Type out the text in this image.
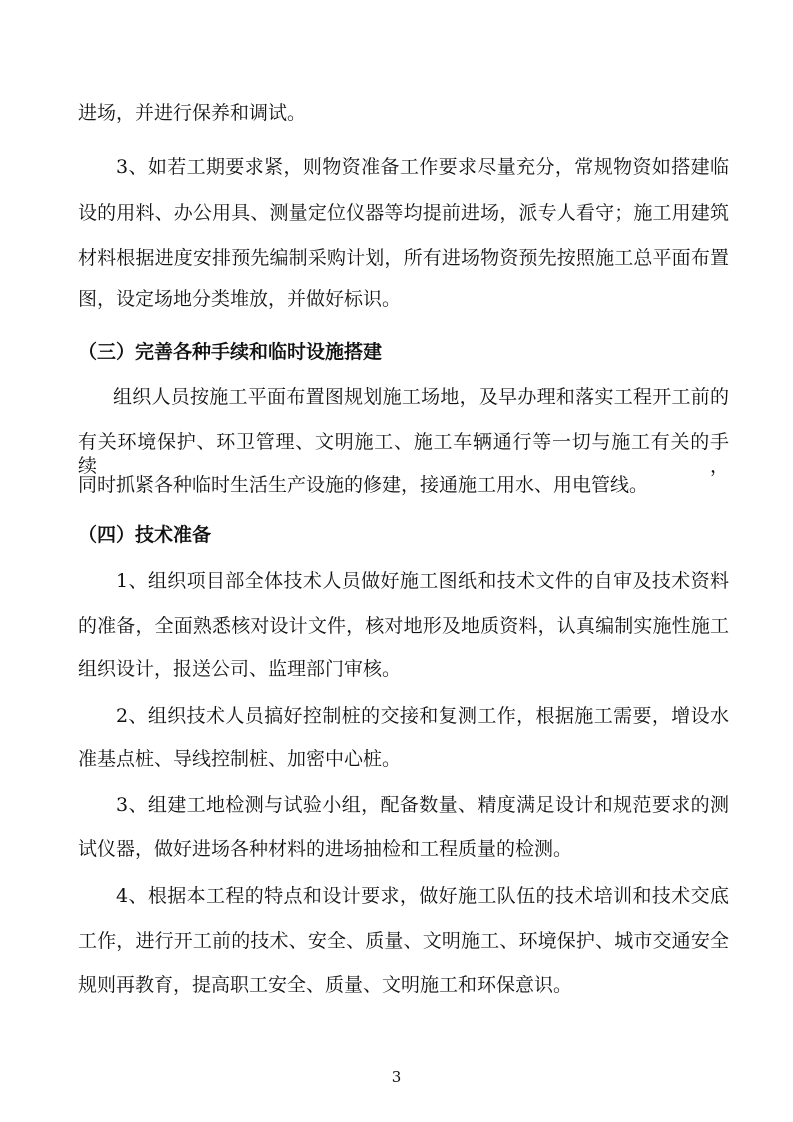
进场，并进行保养和调试。
3、如若工期要求紧，则物资准备工作要求尽量充分，常规物资如搭建临
设的用料、办公用具、测量定位仪器等均提前进场，派专人看守；施工用建筑
材料根据进度安排预先编制采购计划，所有进场物资预先按照施工总平面布置
图，设定场地分类堆放，并做好标识。
（三）完善各种手续和临时设施搭建
组织人员按施工平面布置图规划施工场地，及早办理和落实工程开工前的
有关环境保护、环卫管理、文明施工、施工车辆通行等一切与施工有关的手续，
同时抓紧各种临时生活生产设施的修建，接通施工用水、用电管线。
（四）技术准备
1、组织项目部全体技术人员做好施工图纸和技术文件的自审及技术资料
的准备，全面熟悉核对设计文件，核对地形及地质资料，认真编制实施性施工
组织设计，报送公司、监理部门审核。
2、组织技术人员搞好控制桩的交接和复测工作，根据施工需要，增设水
准基点桩、导线控制桩、加密中心桩。
3、组建工地检测与试验小组，配备数量、精度满足设计和规范要求的测
试仪器，做好进场各种材料的进场抽检和工程质量的检测。
4、根据本工程的特点和设计要求，做好施工队伍的技术培训和技术交底
工作，进行开工前的技术、安全、质量、文明施工、环境保护、城市交通安全
规则再教育，提高职工安全、质量、文明施工和环保意识。
3
